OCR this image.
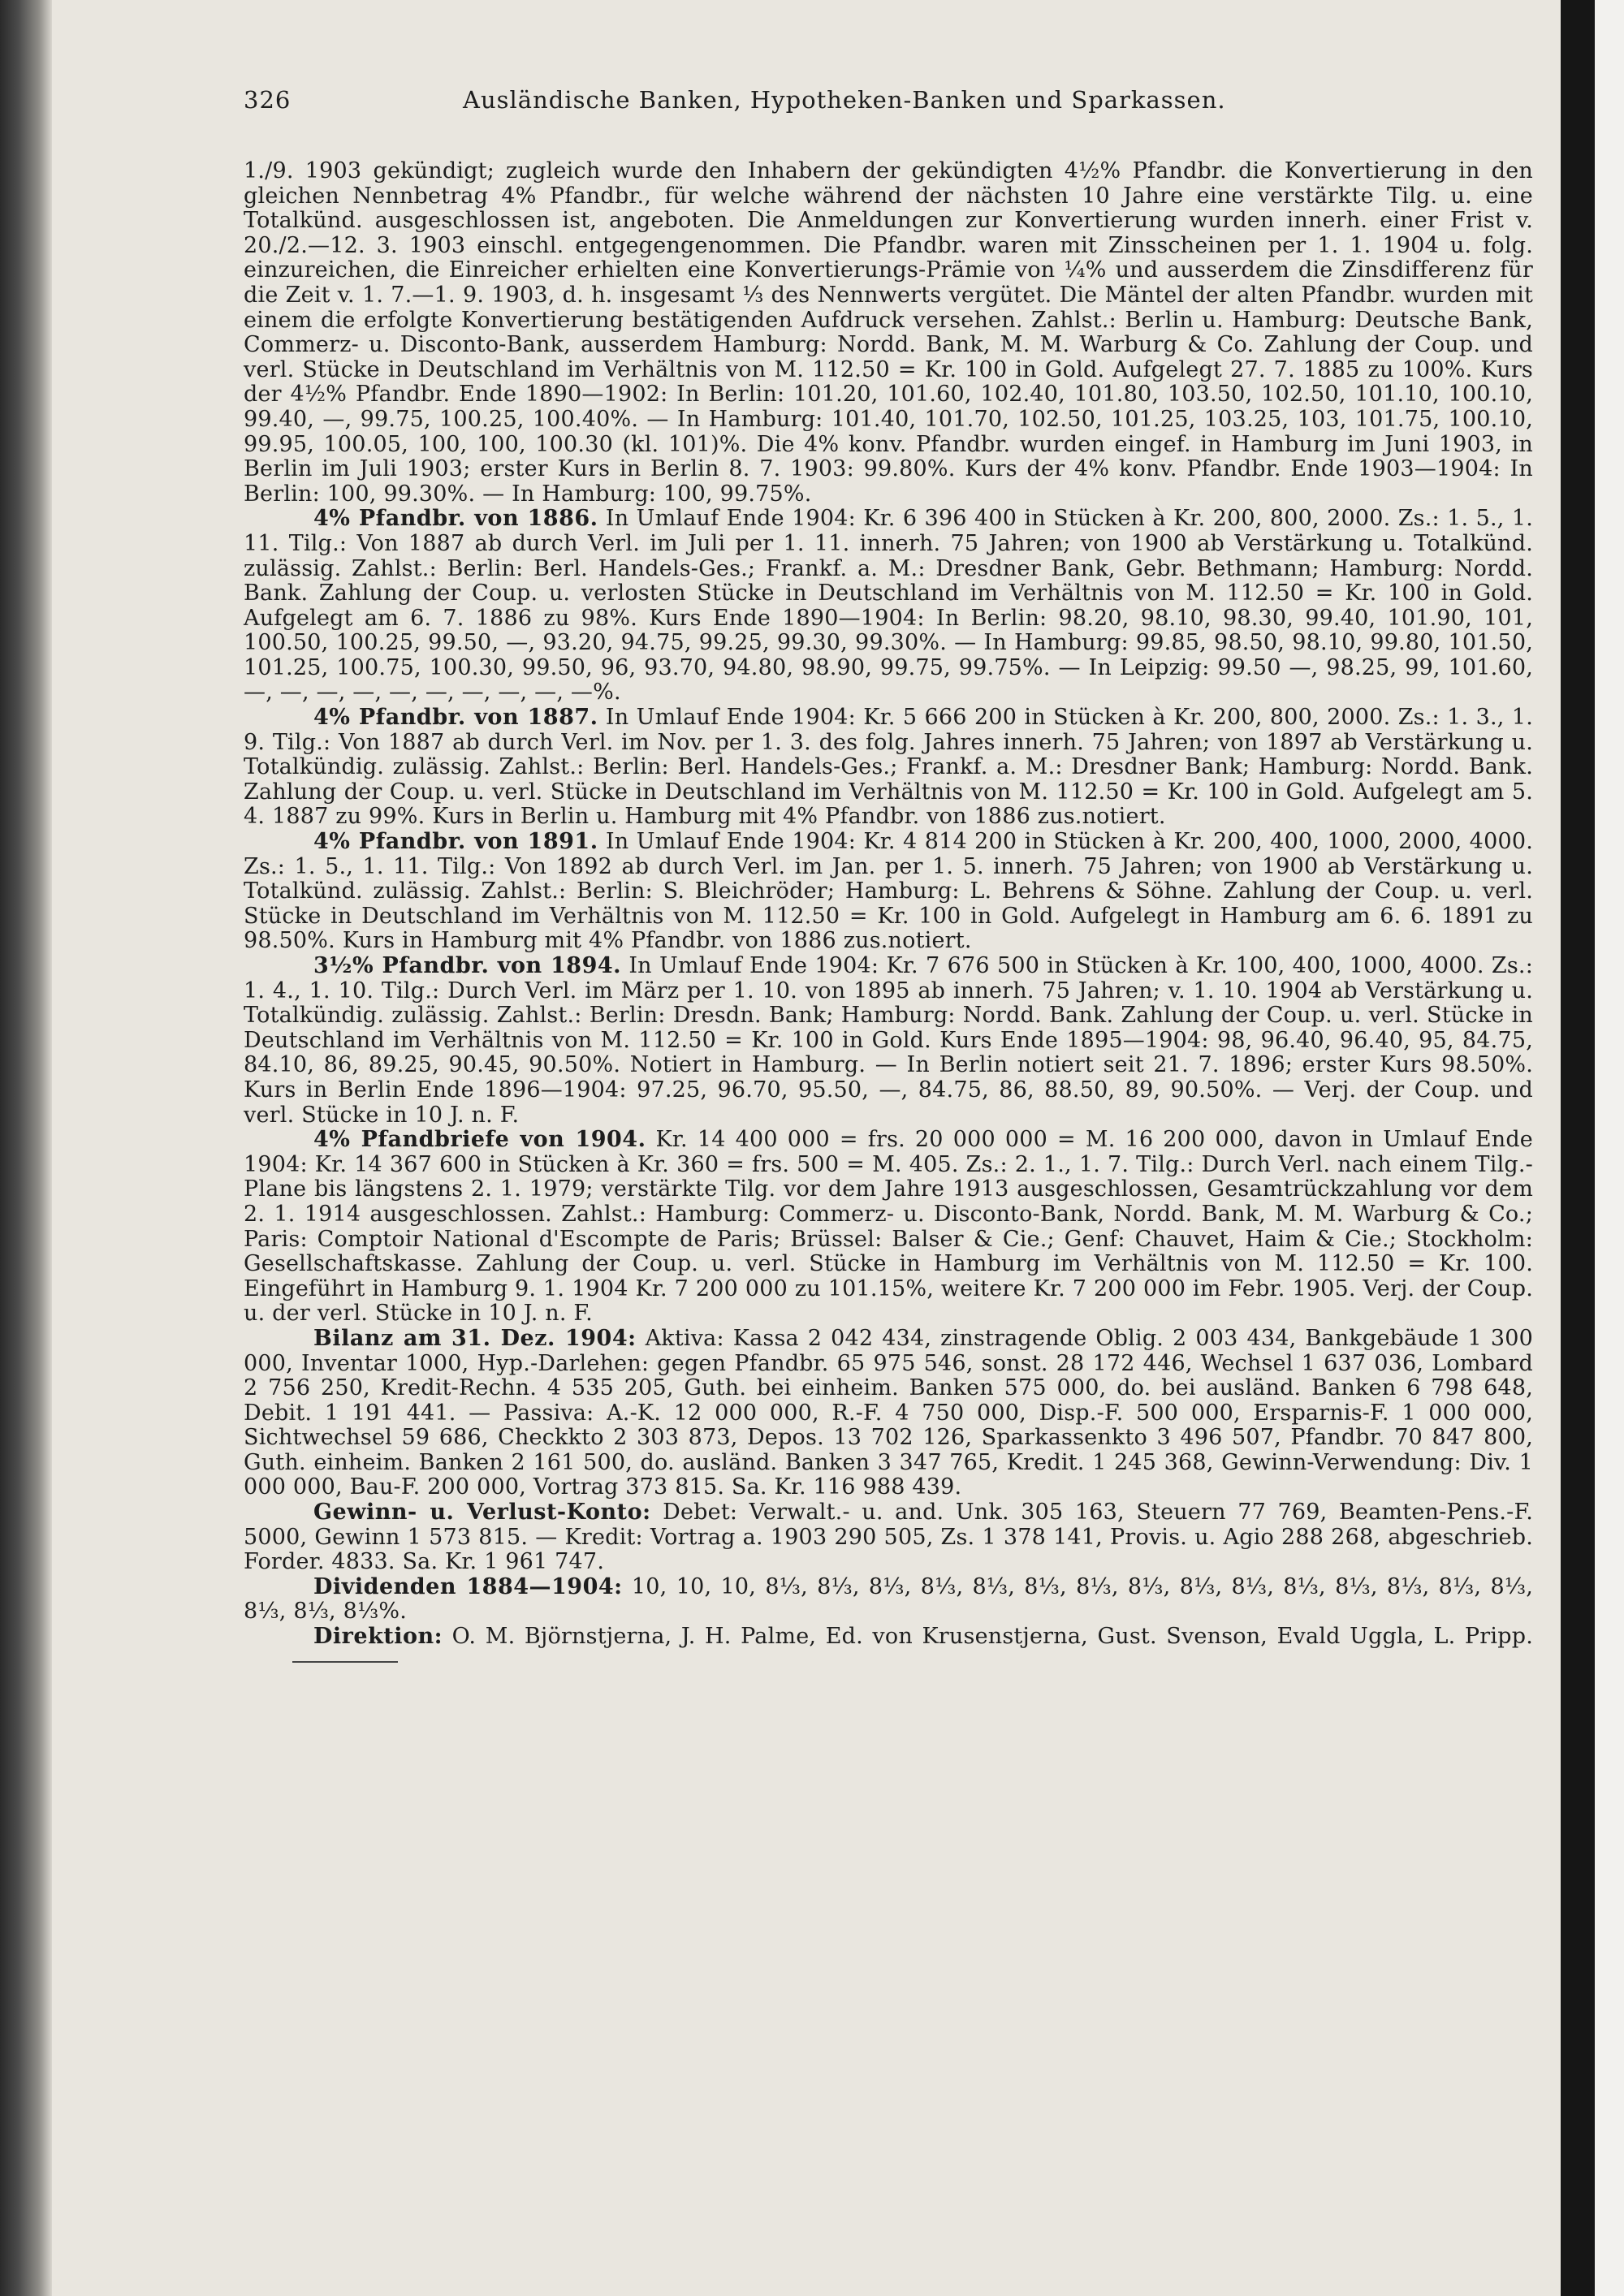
326	Ausländische Banken, Hypotheken-Banken und Sparkassen.

1./9. 1903 gekündigt; zugleich wurde den Inhabern der gekündigten 4½% Pfandbr. die Konvertierung in den gleichen Nennbetrag 4% Pfandbr., für welche während der nächsten 10 Jahre eine verstärkte Tilg. u. eine Totalkünd. ausgeschlossen ist, angeboten. Die Anmeldungen zur Konvertierung wurden innerh. einer Frist v. 20./2.—12. 3. 1903 einschl. entgegengenommen. Die Pfandbr. waren mit Zinsscheinen per 1. 1. 1904 u. folg. einzureichen, die Einreicher erhielten eine Konvertierungs-Prämie von ¼% und ausserdem die Zinsdifferenz für die Zeit v. 1. 7.—1. 9. 1903, d. h. insgesamt ⅓ des Nennwerts vergütet. Die Mäntel der alten Pfandbr. wurden mit einem die erfolgte Konvertierung bestätigenden Aufdruck versehen. Zahlst.: Berlin u. Hamburg: Deutsche Bank, Commerz- u. Disconto-Bank, ausserdem Hamburg: Nordd. Bank, M. M. Warburg & Co. Zahlung der Coup. und verl. Stücke in Deutschland im Verhältnis von M. 112.50 = Kr. 100 in Gold. Aufgelegt 27. 7. 1885 zu 100%. Kurs der 4½% Pfandbr. Ende 1890—1902: In Berlin: 101.20, 101.60, 102.40, 101.80, 103.50, 102.50, 101.10, 100.10, 99.40, —, 99.75, 100.25, 100.40%. — In Hamburg: 101.40, 101.70, 102.50, 101.25, 103.25, 103, 101.75, 100.10, 99.95, 100.05, 100, 100, 100.30 (kl. 101)%. Die 4% konv. Pfandbr. wurden eingef. in Hamburg im Juni 1903, in Berlin im Juli 1903; erster Kurs in Berlin 8. 7. 1903: 99.80%. Kurs der 4% konv. Pfandbr. Ende 1903—1904: In Berlin: 100, 99.30%. — In Hamburg: 100, 99.75%.

4% Pfandbr. von 1886. In Umlauf Ende 1904: Kr. 6 396 400 in Stücken à Kr. 200, 800, 2000. Zs.: 1. 5., 1. 11. Tilg.: Von 1887 ab durch Verl. im Juli per 1. 11. innerh. 75 Jahren; von 1900 ab Verstärkung u. Totalkünd. zulässig. Zahlst.: Berlin: Berl. Handels-Ges.; Frankf. a. M.: Dresdner Bank, Gebr. Bethmann; Hamburg: Nordd. Bank. Zahlung der Coup. u. verlosten Stücke in Deutschland im Verhältnis von M. 112.50 = Kr. 100 in Gold. Aufgelegt am 6. 7. 1886 zu 98%. Kurs Ende 1890—1904: In Berlin: 98.20, 98.10, 98.30, 99.40, 101.90, 101, 100.50, 100.25, 99.50, —, 93.20, 94.75, 99.25, 99.30, 99.30%. — In Hamburg: 99.85, 98.50, 98.10, 99.80, 101.50, 101.25, 100.75, 100.30, 99.50, 96, 93.70, 94.80, 98.90, 99.75, 99.75%. — In Leipzig: 99.50 —, 98.25, 99, 101.60, —, —, —, —, —, —, —, —, —, —%.

4% Pfandbr. von 1887. In Umlauf Ende 1904: Kr. 5 666 200 in Stücken à Kr. 200, 800, 2000. Zs.: 1. 3., 1. 9. Tilg.: Von 1887 ab durch Verl. im Nov. per 1. 3. des folg. Jahres innerh. 75 Jahren; von 1897 ab Verstärkung u. Totalkündig. zulässig. Zahlst.: Berlin: Berl. Handels-Ges.; Frankf. a. M.: Dresdner Bank; Hamburg: Nordd. Bank. Zahlung der Coup. u. verl. Stücke in Deutschland im Verhältnis von M. 112.50 = Kr. 100 in Gold. Aufgelegt am 5. 4. 1887 zu 99%. Kurs in Berlin u. Hamburg mit 4% Pfandbr. von 1886 zus.notiert.

4% Pfandbr. von 1891. In Umlauf Ende 1904: Kr. 4 814 200 in Stücken à Kr. 200, 400, 1000, 2000, 4000. Zs.: 1. 5., 1. 11. Tilg.: Von 1892 ab durch Verl. im Jan. per 1. 5. innerh. 75 Jahren; von 1900 ab Verstärkung u. Totalkünd. zulässig. Zahlst.: Berlin: S. Bleichröder; Hamburg: L. Behrens & Söhne. Zahlung der Coup. u. verl. Stücke in Deutschland im Verhältnis von M. 112.50 = Kr. 100 in Gold. Aufgelegt in Hamburg am 6. 6. 1891 zu 98.50%. Kurs in Hamburg mit 4% Pfandbr. von 1886 zus.notiert.

3½% Pfandbr. von 1894. In Umlauf Ende 1904: Kr. 7 676 500 in Stücken à Kr. 100, 400, 1000, 4000. Zs.: 1. 4., 1. 10. Tilg.: Durch Verl. im März per 1. 10. von 1895 ab innerh. 75 Jahren; v. 1. 10. 1904 ab Verstärkung u. Totalkündig. zulässig. Zahlst.: Berlin: Dresdn. Bank; Hamburg: Nordd. Bank. Zahlung der Coup. u. verl. Stücke in Deutschland im Verhältnis von M. 112.50 = Kr. 100 in Gold. Kurs Ende 1895—1904: 98, 96.40, 96.40, 95, 84.75, 84.10, 86, 89.25, 90.45, 90.50%. Notiert in Hamburg. — In Berlin notiert seit 21. 7. 1896; erster Kurs 98.50%. Kurs in Berlin Ende 1896—1904: 97.25, 96.70, 95.50, —, 84.75, 86, 88.50, 89, 90.50%. — Verj. der Coup. und verl. Stücke in 10 J. n. F.

4% Pfandbriefe von 1904. Kr. 14 400 000 = frs. 20 000 000 = M. 16 200 000, davon in Umlauf Ende 1904: Kr. 14 367 600 in Stücken à Kr. 360 = frs. 500 = M. 405. Zs.: 2. 1., 1. 7. Tilg.: Durch Verl. nach einem Tilg.-Plane bis längstens 2. 1. 1979; verstärkte Tilg. vor dem Jahre 1913 ausgeschlossen, Gesamtrückzahlung vor dem 2. 1. 1914 ausgeschlossen. Zahlst.: Hamburg: Commerz- u. Disconto-Bank, Nordd. Bank, M. M. Warburg & Co.; Paris: Comptoir National d'Escompte de Paris; Brüssel: Balser & Cie.; Genf: Chauvet, Haim & Cie.; Stockholm: Gesellschaftskasse. Zahlung der Coup. u. verl. Stücke in Hamburg im Verhältnis von M. 112.50 = Kr. 100. Eingeführt in Hamburg 9. 1. 1904 Kr. 7 200 000 zu 101.15%, weitere Kr. 7 200 000 im Febr. 1905. Verj. der Coup. u. der verl. Stücke in 10 J. n. F.

Bilanz am 31. Dez. 1904: Aktiva: Kassa 2 042 434, zinstragende Oblig. 2 003 434, Bankgebäude 1 300 000, Inventar 1000, Hyp.-Darlehen: gegen Pfandbr. 65 975 546, sonst. 28 172 446, Wechsel 1 637 036, Lombard 2 756 250, Kredit-Rechn. 4 535 205, Guth. bei einheim. Banken 575 000, do. bei ausländ. Banken 6 798 648, Debit. 1 191 441. — Passiva: A.-K. 12 000 000, R.-F. 4 750 000, Disp.-F. 500 000, Ersparnis-F. 1 000 000, Sichtwechsel 59 686, Checkkto 2 303 873, Depos. 13 702 126, Sparkassenkto 3 496 507, Pfandbr. 70 847 800, Guth. einheim. Banken 2 161 500, do. ausländ. Banken 3 347 765, Kredit. 1 245 368, Gewinn-Verwendung: Div. 1 000 000, Bau-F. 200 000, Vortrag 373 815. Sa. Kr. 116 988 439.

Gewinn- u. Verlust-Konto: Debet: Verwalt.- u. and. Unk. 305 163, Steuern 77 769, Beamten-Pens.-F. 5000, Gewinn 1 573 815. — Kredit: Vortrag a. 1903 290 505, Zs. 1 378 141, Provis. u. Agio 288 268, abgeschrieb. Forder. 4833. Sa. Kr. 1 961 747.

Dividenden 1884—1904: 10, 10, 10, 8⅓, 8⅓, 8⅓, 8⅓, 8⅓, 8⅓, 8⅓, 8⅓, 8⅓, 8⅓, 8⅓, 8⅓, 8⅓, 8⅓, 8⅓, 8⅓, 8⅓, 8⅓%.

Direktion: O. M. Björnstjerna, J. H. Palme, Ed. von Krusenstjerna, Gust. Svenson, Evald Uggla, L. Pripp.
